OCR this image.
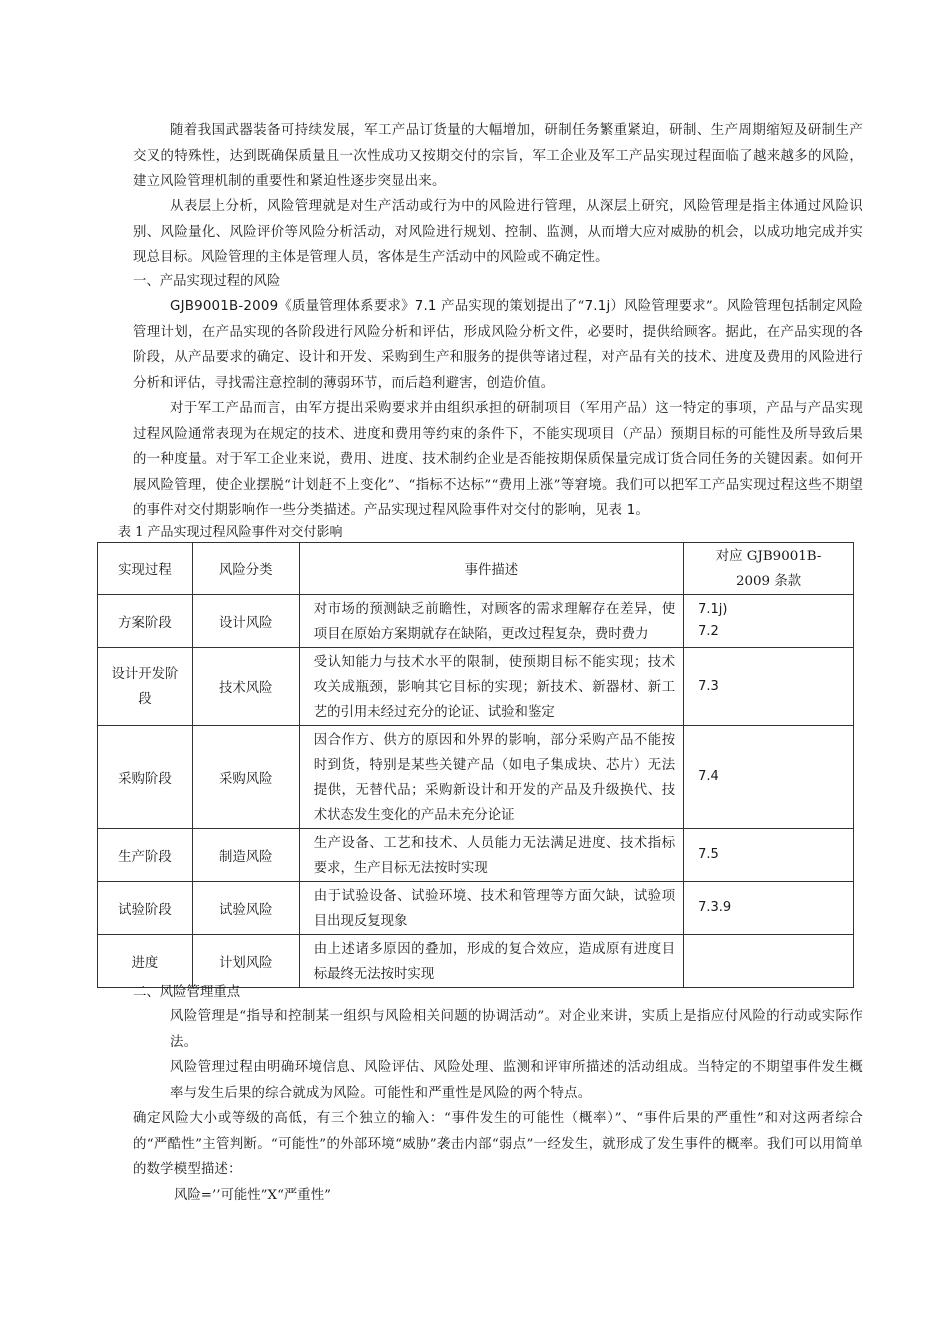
随着我国武器装备可持续发展，军工产品订货量的大幅增加，研制任务繁重紧迫，研制、生产周期缩短及研制生产交叉的特殊性，达到既确保质量且一次性成功又按期交付的宗旨，军工企业及军工产品实现过程面临了越来越多的风险，建立风险管理机制的重要性和紧迫性逐步突显出来。

从表层上分析，风险管理就是对生产活动或行为中的风险进行管理，从深层上研究，风险管理是指主体通过风险识别、风险量化、风险评价等风险分析活动，对风险进行规划、控制、监测，从而增大应对威胁的机会，以成功地完成并实现总目标。风险管理的主体是管理人员，客体是生产活动中的风险或不确定性。

一、产品实现过程的风险

GJB9001B-2009《质量管理体系要求》7.1 产品实现的策划提出了“7.1j）风险管理要求”。风险管理包括制定风险管理计划，在产品实现的各阶段进行风险分析和评估，形成风险分析文件，必要时，提供给顾客。据此，在产品实现的各阶段，从产品要求的确定、设计和开发、采购到生产和服务的提供等诸过程，对产品有关的技术、进度及费用的风险进行分析和评估，寻找需注意控制的薄弱环节，而后趋利避害，创造价值。

对于军工产品而言，由军方提出采购要求并由组织承担的研制项目（军用产品）这一特定的事项，产品与产品实现过程风险通常表现为在规定的技术、进度和费用等约束的条件下，不能实现项目（产品）预期目标的可能性及所导致后果的一种度量。对于军工企业来说，费用、进度、技术制约企业是否能按期保质保量完成订货合同任务的关键因素。如何开展风险管理，使企业摆脱“计划赶不上变化”、“指标不达标”“费用上涨”等窘境。我们可以把军工产品实现过程这些不期望的事件对交付期影响作一些分类描述。产品实现过程风险事件对交付的影响，见表 1。

表 1 产品实现过程风险事件对交付影响
实现过程	风险分类	事件描述	对应 GJB9001B-
2009 条款
方案阶段	设计风险	对市场的预测缺乏前瞻性，对顾客的需求理解存在差异，使项目在原始方案期就存在缺陷，更改过程复杂，费时费力	7.1j)
7.2
设计开发阶段	技术风险	受认知能力与技术水平的限制，使预期目标不能实现；技术攻关成瓶颈，影响其它目标的实现；新技术、新器材、新工艺的引用未经过充分的论证、试验和鉴定	7.3
采购阶段	采购风险	因合作方、供方的原因和外界的影响，部分采购产品不能按时到货，特别是某些关键产品（如电子集成块、芯片）无法提供，无替代品；采购新设计和开发的产品及升级换代、技术状态发生变化的产品未充分论证	7.4
生产阶段	制造风险	生产设备、工艺和技术、人员能力无法满足进度、技术指标要求，生产目标无法按时实现	7.5
试验阶段	试验风险	由于试验设备、试验环境、技术和管理等方面欠缺，试验项目出现反复现象	7.3.9
进度	计划风险	由上述诸多原因的叠加，形成的复合效应，造成原有进度目标最终无法按时实现	
二、风险管理重点

风险管理是“指导和控制某一组织与风险相关问题的协调活动”。对企业来讲，实质上是指应付风险的行动或实际作法。

风险管理过程由明确环境信息、风险评估、风险处理、监测和评审所描述的活动组成。当特定的不期望事件发生概率与发生后果的综合就成为风险。可能性和严重性是风险的两个特点。

确定风险大小或等级的高低，有三个独立的输入：“事件发生的可能性（概率）”、“事件后果的严重性”和对这两者综合的“严酷性”主管判断。“可能性”的外部环境“威胁”袭击内部“弱点”一经发生，就形成了发生事件的概率。我们可以用简单的数学模型描述：

风险=’’可能性”X“严重性”
